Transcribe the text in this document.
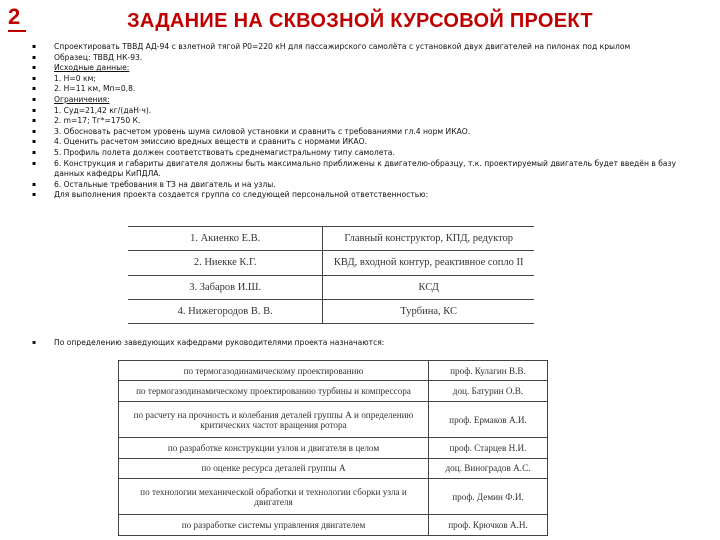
2	ЗАДАНИЕ НА СКВОЗНОЙ КУРСОВОЙ ПРОЕКТ
▪ Спроектировать ТВВД АД-94 с взлетной тягой Р0=220 кН для пассажирского самолёта с установкой двух двигателей на пилонах под крылом
▪ Образец: ТВВД НК-93.
▪ Исходные данные:
▪ 1. Н=0 км;
▪ 2. Н=11 км, Мп=0,8.
▪ Ограничения:
▪ 1. Суд=21,42 кг/(даН·ч).
▪ 2. m=17; Tг*=1750 К.
▪ 3. Обосновать расчетом уровень шума силовой установки и сравнить с требованиями гл.4 норм ИКАО.
▪ 4. Оценить расчетом эмиссию вредных веществ и сравнить с нормами ИКАО.
▪ 5. Профиль полета должен соответствовать среднемагистральному типу самолета.
▪ 6. Конструкция и габариты двигателя должны быть максимально приближены к двигателю-образцу, т.к. проектируемый двигатель будет введён в базу данных кафедры КиПДЛА.
▪ 6. Остальные требования в ТЗ на двигатель и на узлы.
▪ Для выполнения проекта создается группа со следующей персональной ответственностью:
1. Акиенко Е.В.	Главный конструктор, КПД, редуктор
2. Ниекке К.Г.	КВД, входной контур, реактивное сопло II
3. Забаров И.Ш.	КСД
4. Нижегородов В. В.	Турбина, КС
▪ По определению заведующих кафедрами руководителями проекта назначаются:
по термогазодинамическому проектированию	проф. Кулагин В.В.
по термогазодинамическому проектированию турбины и компрессора	доц. Батурин О.В.
по расчету на прочность и колебания деталей группы А и определению критических частот вращения ротора	проф. Ермаков А.И.
по разработке конструкции узлов и двигателя в целом	проф. Старцев Н.И.
по оценке ресурса деталей группы А	доц. Виноградов А.С.
по технологии механической обработки и технологии сборки узла и двигателя	проф. Демин Ф.И.
по разработке системы управления двигателем	проф. Крючков А.Н.
